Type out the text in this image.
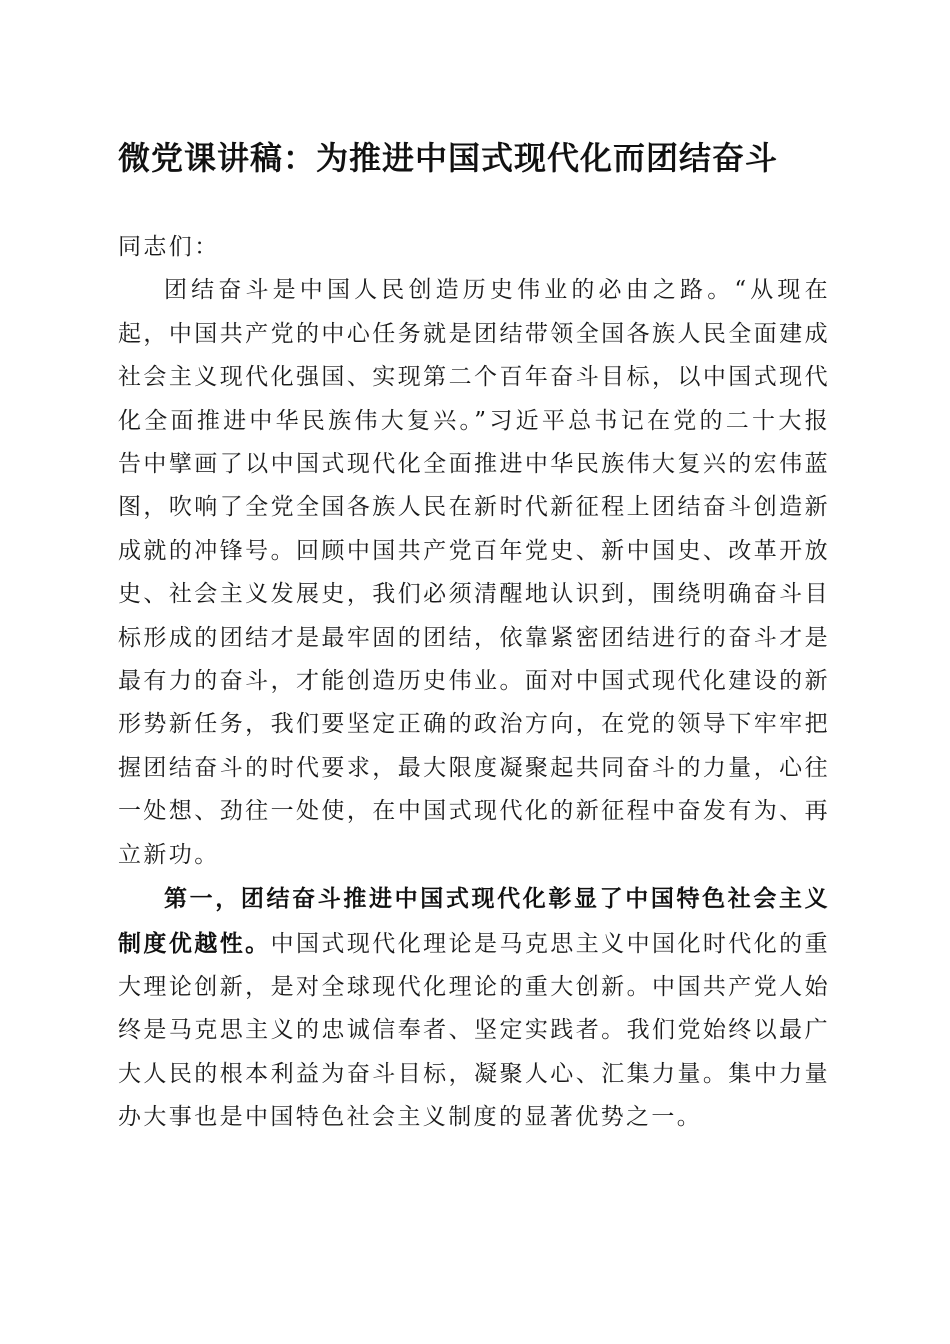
微党课讲稿：为推进中国式现代化而团结奋斗

同志们：

团结奋斗是中国人民创造历史伟业的必由之路。“从现在起，中国共产党的中心任务就是团结带领全国各族人民全面建成社会主义现代化强国、实现第二个百年奋斗目标，以中国式现代化全面推进中华民族伟大复兴。”习近平总书记在党的二十大报告中擘画了以中国式现代化全面推进中华民族伟大复兴的宏伟蓝图，吹响了全党全国各族人民在新时代新征程上团结奋斗创造新成就的冲锋号。回顾中国共产党百年党史、新中国史、改革开放史、社会主义发展史，我们必须清醒地认识到，围绕明确奋斗目标形成的团结才是最牢固的团结，依靠紧密团结进行的奋斗才是最有力的奋斗，才能创造历史伟业。面对中国式现代化建设的新形势新任务，我们要坚定正确的政治方向，在党的领导下牢牢把握团结奋斗的时代要求，最大限度凝聚起共同奋斗的力量，心往一处想、劲往一处使，在中国式现代化的新征程中奋发有为、再立新功。

第一，团结奋斗推进中国式现代化彰显了中国特色社会主义制度优越性。中国式现代化理论是马克思主义中国化时代化的重大理论创新，是对全球现代化理论的重大创新。中国共产党人始终是马克思主义的忠诚信奉者、坚定实践者。我们党始终以最广大人民的根本利益为奋斗目标，凝聚人心、汇集力量。集中力量办大事也是中国特色社会主义制度的显著优势之一。
